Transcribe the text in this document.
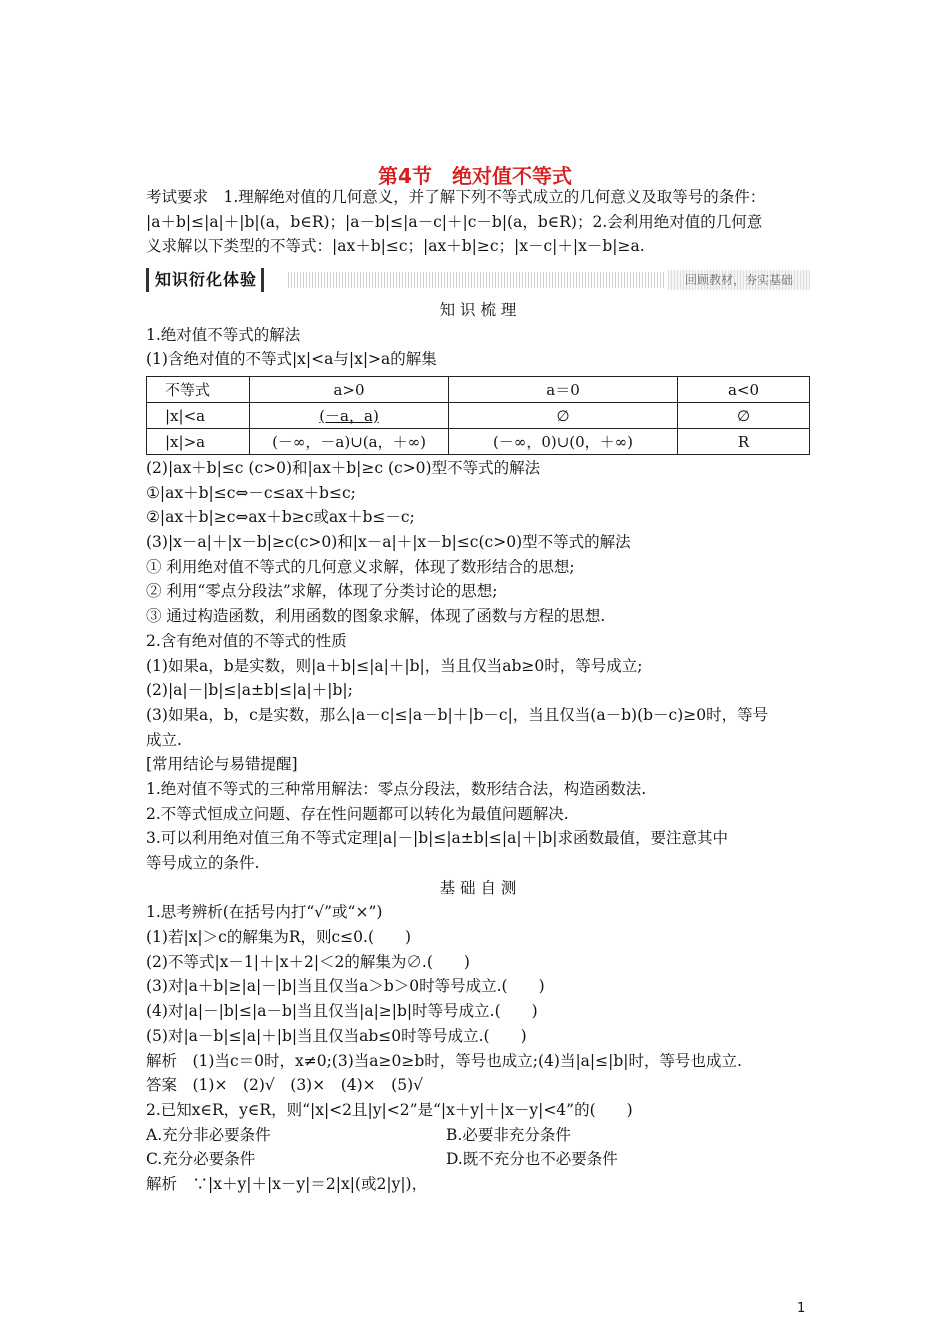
第4节　绝对值不等式
考试要求　1.理解绝对值的几何意义，并了解下列不等式成立的几何意义及取等号的条件：
|a＋b|≤|a|＋|b|(a，b∈R)；|a－b|≤|a－c|＋|c－b|(a，b∈R)；2.会利用绝对值的几何意
义求解以下类型的不等式：|ax＋b|≤c；|ax＋b|≥c；|x－c|＋|x－b|≥a.
知识衍化体验	回顾教材，夯实基础
知 识 梳 理
1.绝对值不等式的解法
(1)含绝对值的不等式|x|<a与|x|>a的解集
不等式	a>0	a＝0	a<0
|x|<a	(－a，a)	∅	∅
|x|>a	(－∞，－a)∪(a，＋∞)	(－∞，0)∪(0，＋∞)	R
(2)|ax＋b|≤c (c>0)和|ax＋b|≥c (c>0)型不等式的解法
①|ax＋b|≤c⇔－c≤ax＋b≤c;
②|ax＋b|≥c⇔ax＋b≥c或ax＋b≤－c;
(3)|x－a|＋|x－b|≥c(c>0)和|x－a|＋|x－b|≤c(c>0)型不等式的解法
① 利用绝对值不等式的几何意义求解，体现了数形结合的思想;
② 利用“零点分段法”求解，体现了分类讨论的思想;
③ 通过构造函数，利用函数的图象求解，体现了函数与方程的思想.
2.含有绝对值的不等式的性质
(1)如果a，b是实数，则|a＋b|≤|a|＋|b|，当且仅当ab≥0时，等号成立;
(2)|a|－|b|≤|a±b|≤|a|＋|b|;
(3)如果a，b，c是实数，那么|a－c|≤|a－b|＋|b－c|，当且仅当(a－b)(b－c)≥0时，等号
成立.
[常用结论与易错提醒]
1.绝对值不等式的三种常用解法：零点分段法，数形结合法，构造函数法.
2.不等式恒成立问题、存在性问题都可以转化为最值问题解决.
3.可以利用绝对值三角不等式定理|a|－|b|≤|a±b|≤|a|＋|b|求函数最值，要注意其中
等号成立的条件.
基 础 自 测
1.思考辨析(在括号内打“√”或“×”)
(1)若|x|＞c的解集为R，则c≤0.(　　)
(2)不等式|x－1|＋|x＋2|＜2的解集为∅.(　　)
(3)对|a＋b|≥|a|－|b|当且仅当a＞b＞0时等号成立.(　　)
(4)对|a|－|b|≤|a－b|当且仅当|a|≥|b|时等号成立.(　　)
(5)对|a－b|≤|a|＋|b|当且仅当ab≤0时等号成立.(　　)
解析　(1)当c＝0时，x≠0;(3)当a≥0≥b时，等号也成立;(4)当|a|≤|b|时，等号也成立.
答案　(1)×　(2)√　(3)×　(4)×　(5)√
2.已知x∈R，y∈R，则“|x|<2且|y|<2”是“|x＋y|＋|x－y|<4”的(　　)
A.充分非必要条件	B.必要非充分条件
C.充分必要条件	D.既不充分也不必要条件
解析　∵|x＋y|＋|x－y|＝2|x|(或2|y|)，
1
